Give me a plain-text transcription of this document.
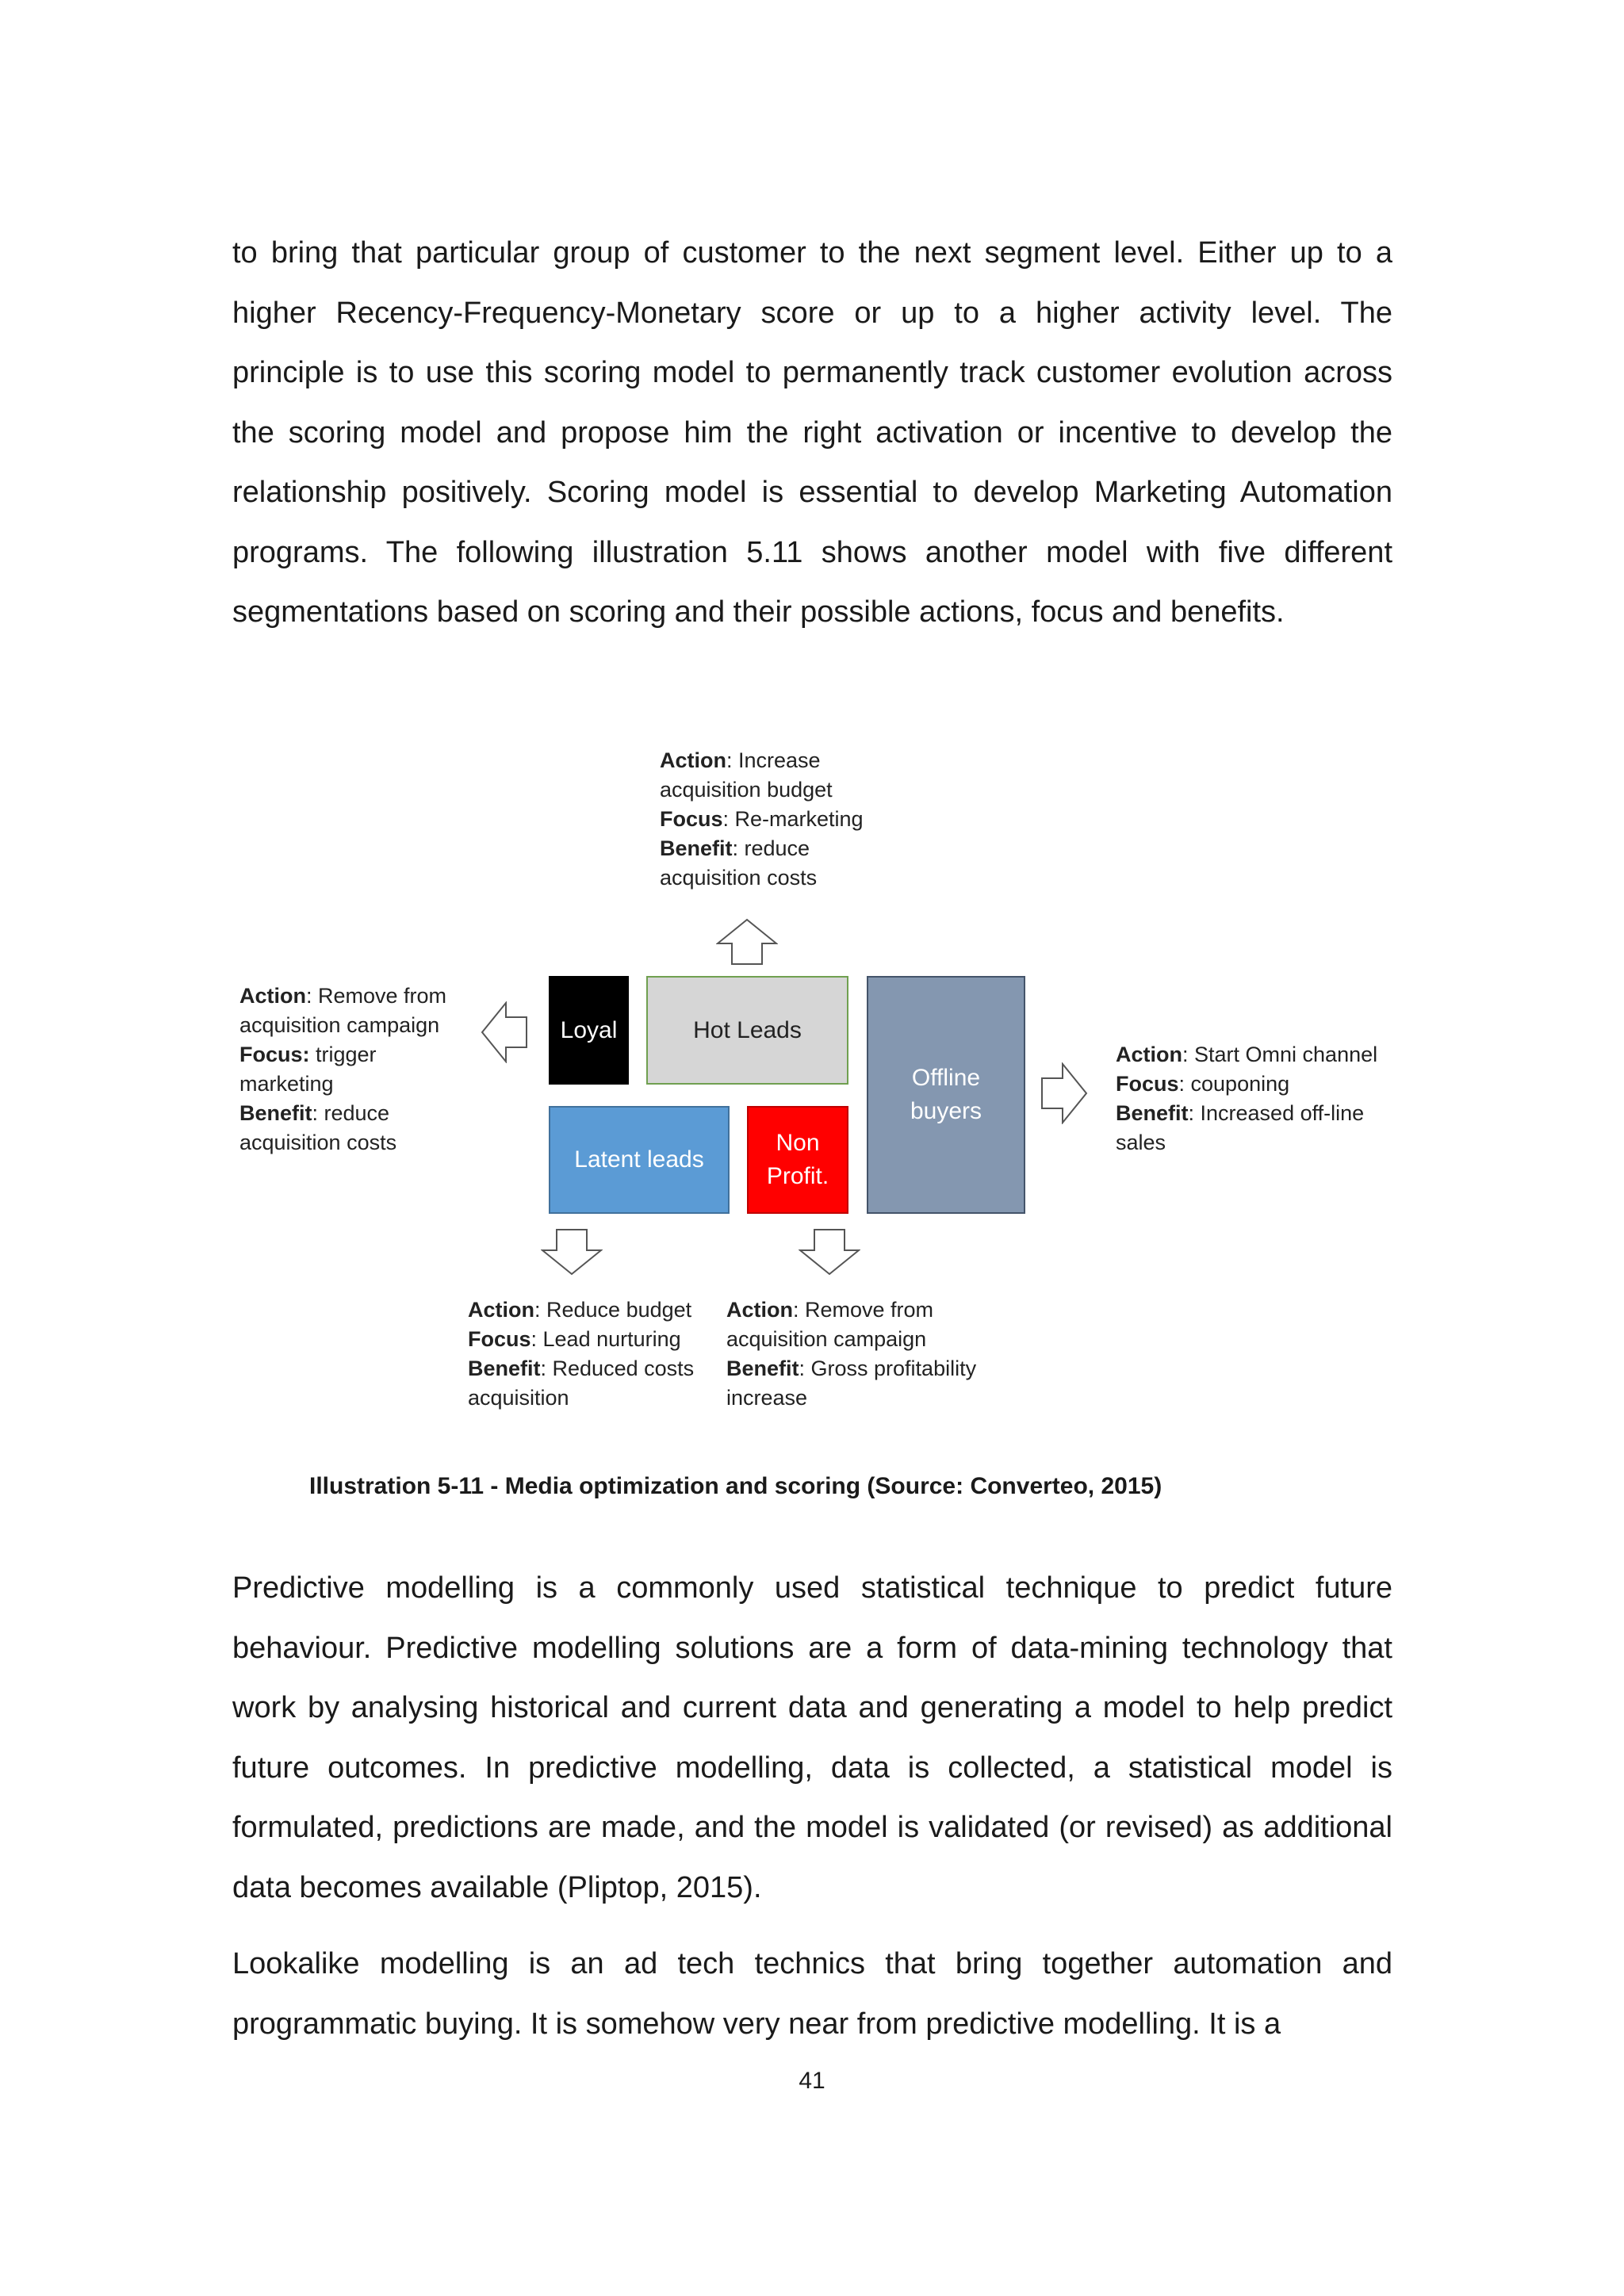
to bring that particular group of customer to the next segment level. Either up to a higher Recency-Frequency-Monetary score or up to a higher activity level. The principle is to use this scoring model to permanently track customer evolution across the scoring model and propose him the right activation or incentive to develop the relationship positively. Scoring model is essential to develop Marketing Automation programs. The following illustration 5.11 shows another model with five different segmentations based on scoring and their possible actions, focus and benefits.

Action: Increase

acquisition budget

Focus: Re-marketing

Benefit: reduce

acquisition costs

Action: Remove from

acquisition campaign

Focus: trigger

marketing

Benefit: reduce

acquisition costs

Action: Start Omni channel

Focus: couponing

Benefit: Increased off-line

sales

Action: Reduce budget

Focus: Lead nurturing

Benefit: Reduced costs

acquisition

Action: Remove from

acquisition campaign

Benefit: Gross profitability

increase

Loyal	Hot Leads
Offline
buyers
Latent leads
Non
Profit.

Illustration 5-11 - Media optimization and scoring (Source: Converteo, 2015)

Predictive modelling is a commonly used statistical technique to predict future behaviour. Predictive modelling solutions are a form of data-mining technology that work by analysing historical and current data and generating a model to help predict future outcomes. In predictive modelling, data is collected, a statistical model is formulated, predictions are made, and the model is validated (or revised) as additional data becomes available (Pliptop, 2015).

Lookalike modelling is an ad tech technics that bring together automation and programmatic buying. It is somehow very near from predictive modelling. It is a

41
